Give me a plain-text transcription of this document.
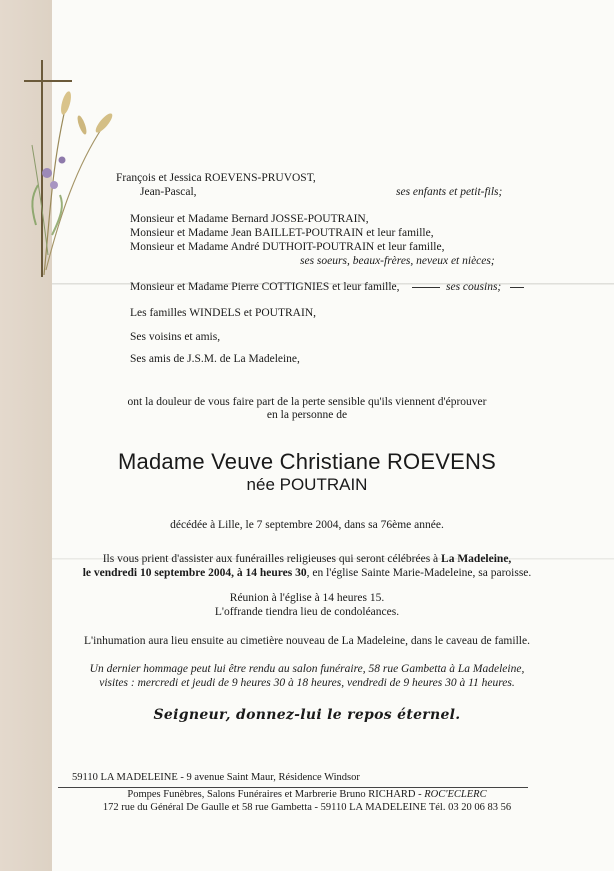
François et Jessica ROEVENS-PRUVOST,
Jean-Pascal,	ses enfants et petit-fils;
Monsieur et Madame Bernard JOSSE-POUTRAIN,
Monsieur et Madame Jean BAILLET-POUTRAIN et leur famille,
Monsieur et Madame André DUTHOIT-POUTRAIN et leur famille,
ses soeurs, beaux-frères, neveux et nièces;
Monsieur et Madame Pierre COTTIGNIES et leur famille,	ses cousins;
Les familles WINDELS et POUTRAIN,
Ses voisins et amis,
Ses amis de J.S.M. de La Madeleine,
ont la douleur de vous faire part de la perte sensible qu'ils viennent d'éprouver
en la personne de
Madame Veuve Christiane ROEVENS
née POUTRAIN
décédée à Lille, le 7 septembre 2004, dans sa 76ème année.
Ils vous prient d'assister aux funérailles religieuses qui seront célébrées à La Madeleine,
le vendredi 10 septembre 2004, à 14 heures 30, en l'église Sainte Marie-Madeleine, sa paroisse.
Réunion à l'église à 14 heures 15.
L'offrande tiendra lieu de condoléances.
L'inhumation aura lieu ensuite au cimetière nouveau de La Madeleine, dans le caveau de famille.
Un dernier hommage peut lui être rendu au salon funéraire, 58 rue Gambetta à La Madeleine,
visites : mercredi et jeudi de 9 heures 30 à 18 heures, vendredi de 9 heures 30 à 11 heures.
Seigneur, donnez-lui le repos éternel.
59110 LA MADELEINE - 9 avenue Saint Maur, Résidence Windsor
Pompes Funèbres, Salons Funéraires et Marbrerie Bruno RICHARD - ROC'ECLERC
172 rue du Général De Gaulle et 58 rue Gambetta - 59110 LA MADELEINE Tél. 03 20 06 83 56
